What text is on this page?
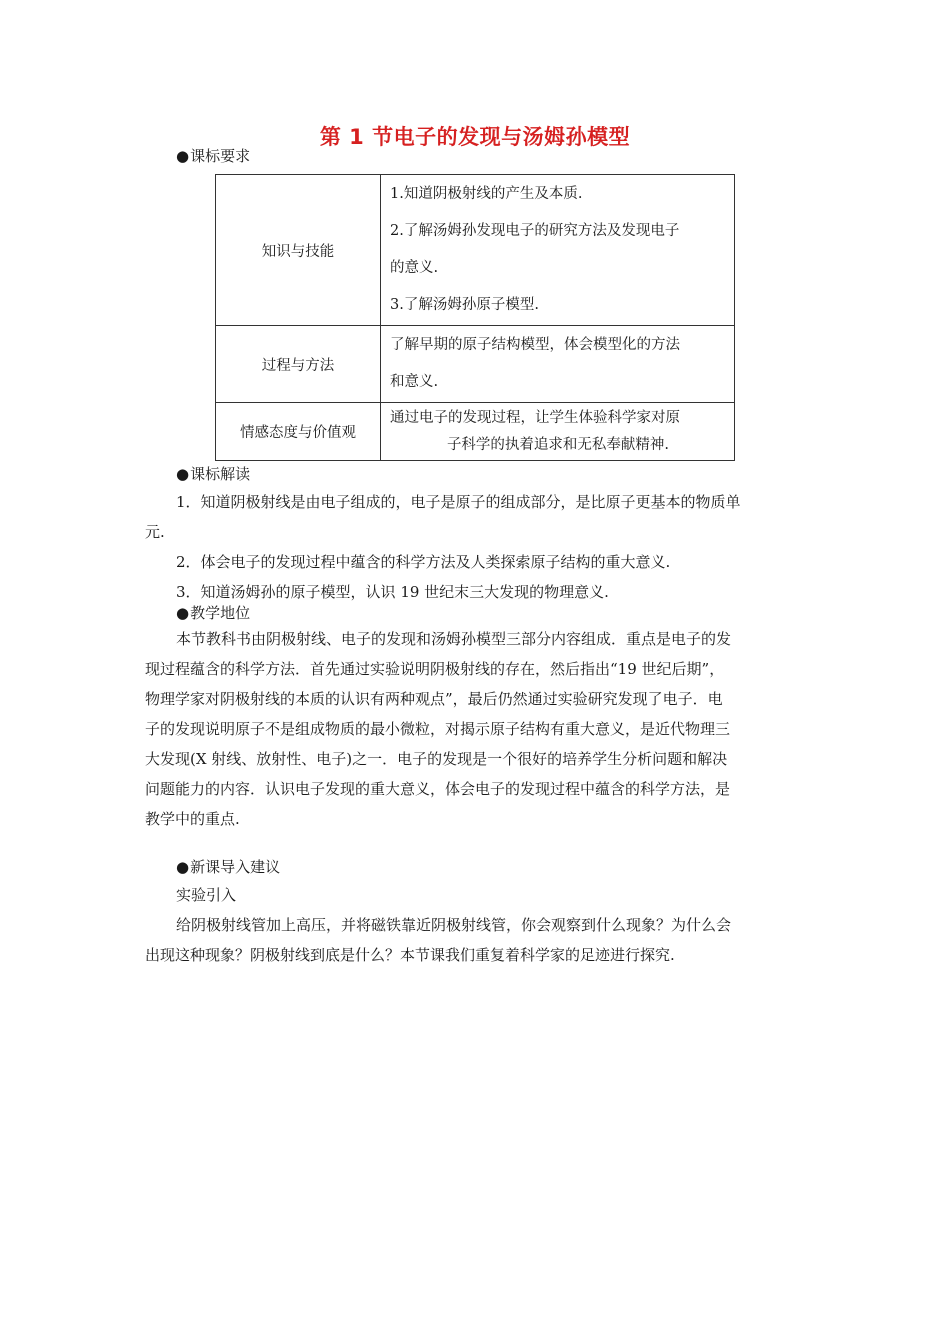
第 1 节电子的发现与汤姆孙模型
●课标要求
知识与技能	1.知道阴极射线的产生及本质.

2.了解汤姆孙发现电子的研究方法及发现电子

的意义.

3.了解汤姆孙原子模型.

过程与方法	了解早期的原子结构模型，体会模型化的方法

和意义.

情感态度与价值观	通过电子的发现过程，让学生体验科学家对原

子科学的执着追求和无私奉献精神.

●课标解读

1．知道阴极射线是由电子组成的，电子是原子的组成部分，是比原子更基本的物质单

元.

2．体会电子的发现过程中蕴含的科学方法及人类探索原子结构的重大意义.

3．知道汤姆孙的原子模型，认识 19 世纪末三大发现的物理意义.

●教学地位

本节教科书由阴极射线、电子的发现和汤姆孙模型三部分内容组成．重点是电子的发

现过程蕴含的科学方法．首先通过实验说明阴极射线的存在，然后指出“19 世纪后期”，

物理学家对阴极射线的本质的认识有两种观点”，最后仍然通过实验研究发现了电子．电

子的发现说明原子不是组成物质的最小微粒，对揭示原子结构有重大意义，是近代物理三

大发现(X 射线、放射性、电子)之一．电子的发现是一个很好的培养学生分析问题和解决

问题能力的内容．认识电子发现的重大意义，体会电子的发现过程中蕴含的科学方法，是

教学中的重点.

●新课导入建议

实验引入

给阴极射线管加上高压，并将磁铁靠近阴极射线管，你会观察到什么现象？为什么会

出现这种现象？阴极射线到底是什么？本节课我们重复着科学家的足迹进行探究.
